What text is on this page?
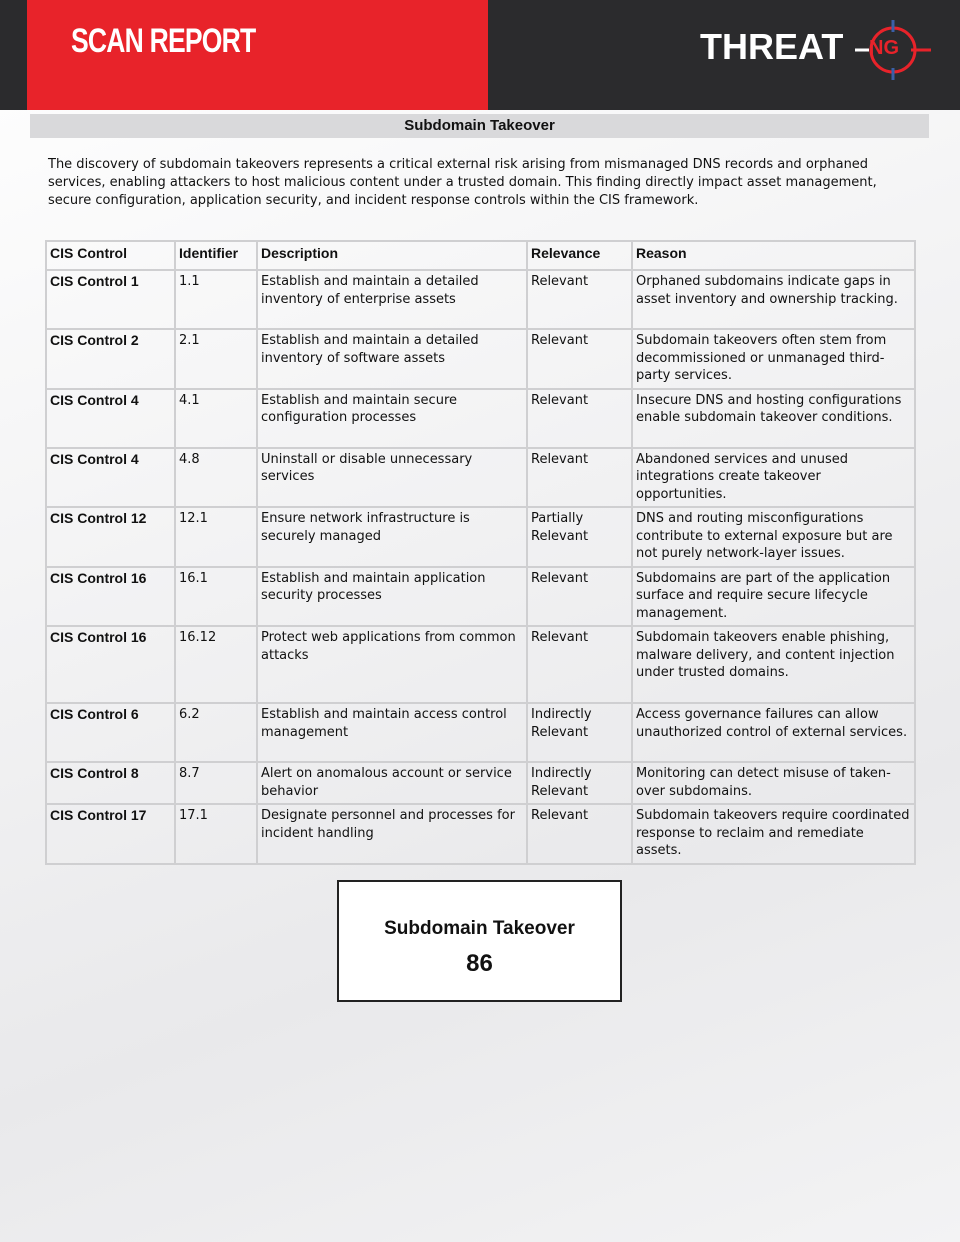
SCAN REPORT	THREAT NG
Subdomain Takeover
The discovery of subdomain takeovers represents a critical external risk arising from mismanaged DNS records and orphaned services, enabling attackers to host malicious content under a trusted domain. This finding directly impact asset management, secure configuration, application security, and incident response controls within the CIS framework.
CIS Control	Identifier	Description	Relevance	Reason
CIS Control 1	1.1	Establish and maintain a detailed inventory of enterprise assets	Relevant	Orphaned subdomains indicate gaps in asset inventory and ownership tracking.
CIS Control 2	2.1	Establish and maintain a detailed inventory of software assets	Relevant	Subdomain takeovers often stem from decommissioned or unmanaged third-party services.
CIS Control 4	4.1	Establish and maintain secure configuration processes	Relevant	Insecure DNS and hosting configurations enable subdomain takeover conditions.
CIS Control 4	4.8	Uninstall or disable unnecessary services	Relevant	Abandoned services and unused integrations create takeover opportunities.
CIS Control 12	12.1	Ensure network infrastructure is securely managed	Partially Relevant	DNS and routing misconfigurations contribute to external exposure but are not purely network-layer issues.
CIS Control 16	16.1	Establish and maintain application security processes	Relevant	Subdomains are part of the application surface and require secure lifecycle management.
CIS Control 16	16.12	Protect web applications from common attacks	Relevant	Subdomain takeovers enable phishing, malware delivery, and content injection under trusted domains.
CIS Control 6	6.2	Establish and maintain access control management	Indirectly Relevant	Access governance failures can allow unauthorized control of external services.
CIS Control 8	8.7	Alert on anomalous account or service behavior	Indirectly Relevant	Monitoring can detect misuse of taken-over subdomains.
CIS Control 17	17.1	Designate personnel and processes for incident handling	Relevant	Subdomain takeovers require coordinated response to reclaim and remediate assets.
Subdomain Takeover
86
